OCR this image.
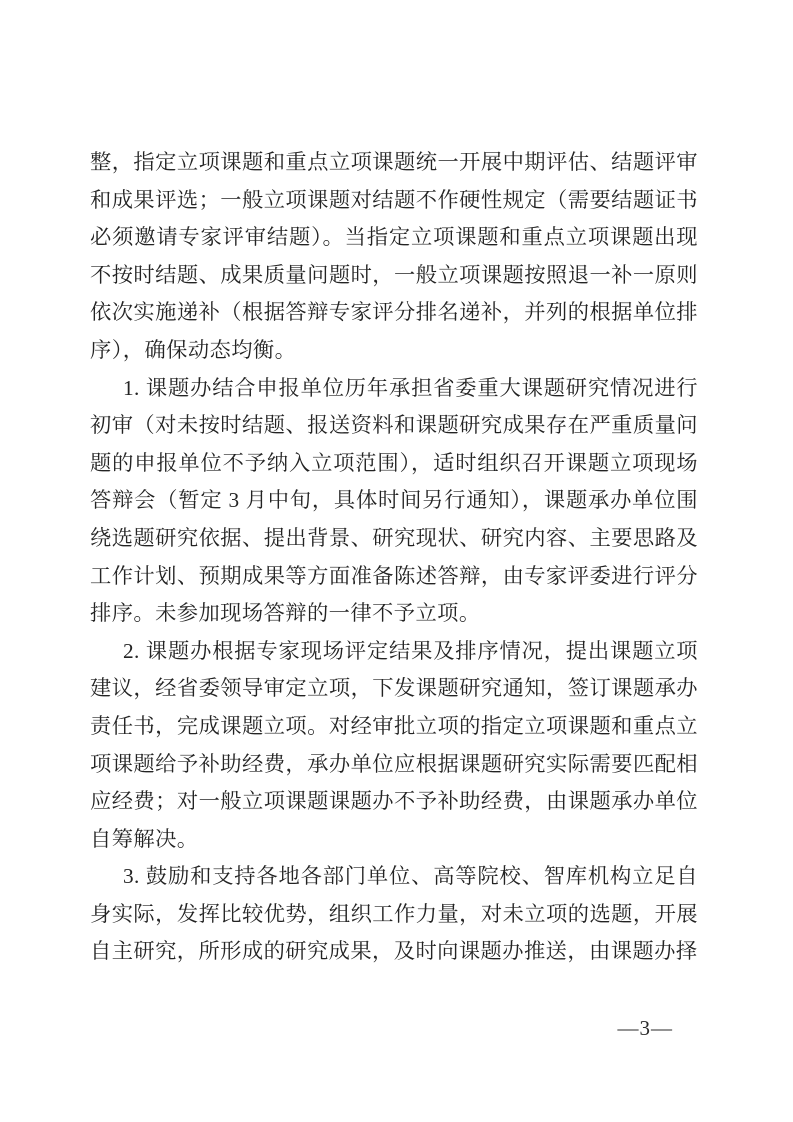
整，指定立项课题和重点立项课题统一开展中期评估、结题评审和成果评选；一般立项课题对结题不作硬性规定（需要结题证书必须邀请专家评审结题）。当指定立项课题和重点立项课题出现不按时结题、成果质量问题时，一般立项课题按照退一补一原则依次实施递补（根据答辩专家评分排名递补，并列的根据单位排序），确保动态均衡。

1. 课题办结合申报单位历年承担省委重大课题研究情况进行初审（对未按时结题、报送资料和课题研究成果存在严重质量问题的申报单位不予纳入立项范围），适时组织召开课题立项现场答辩会（暂定 3 月中旬，具体时间另行通知），课题承办单位围绕选题研究依据、提出背景、研究现状、研究内容、主要思路及工作计划、预期成果等方面准备陈述答辩，由专家评委进行评分排序。未参加现场答辩的一律不予立项。

2. 课题办根据专家现场评定结果及排序情况，提出课题立项建议，经省委领导审定立项，下发课题研究通知，签订课题承办责任书，完成课题立项。对经审批立项的指定立项课题和重点立项课题给予补助经费，承办单位应根据课题研究实际需要匹配相应经费；对一般立项课题课题办不予补助经费，由课题承办单位自筹解决。

3. 鼓励和支持各地各部门单位、高等院校、智库机构立足自身实际，发挥比较优势，组织工作力量，对未立项的选题，开展自主研究，所形成的研究成果，及时向课题办推送，由课题办择

—3—
